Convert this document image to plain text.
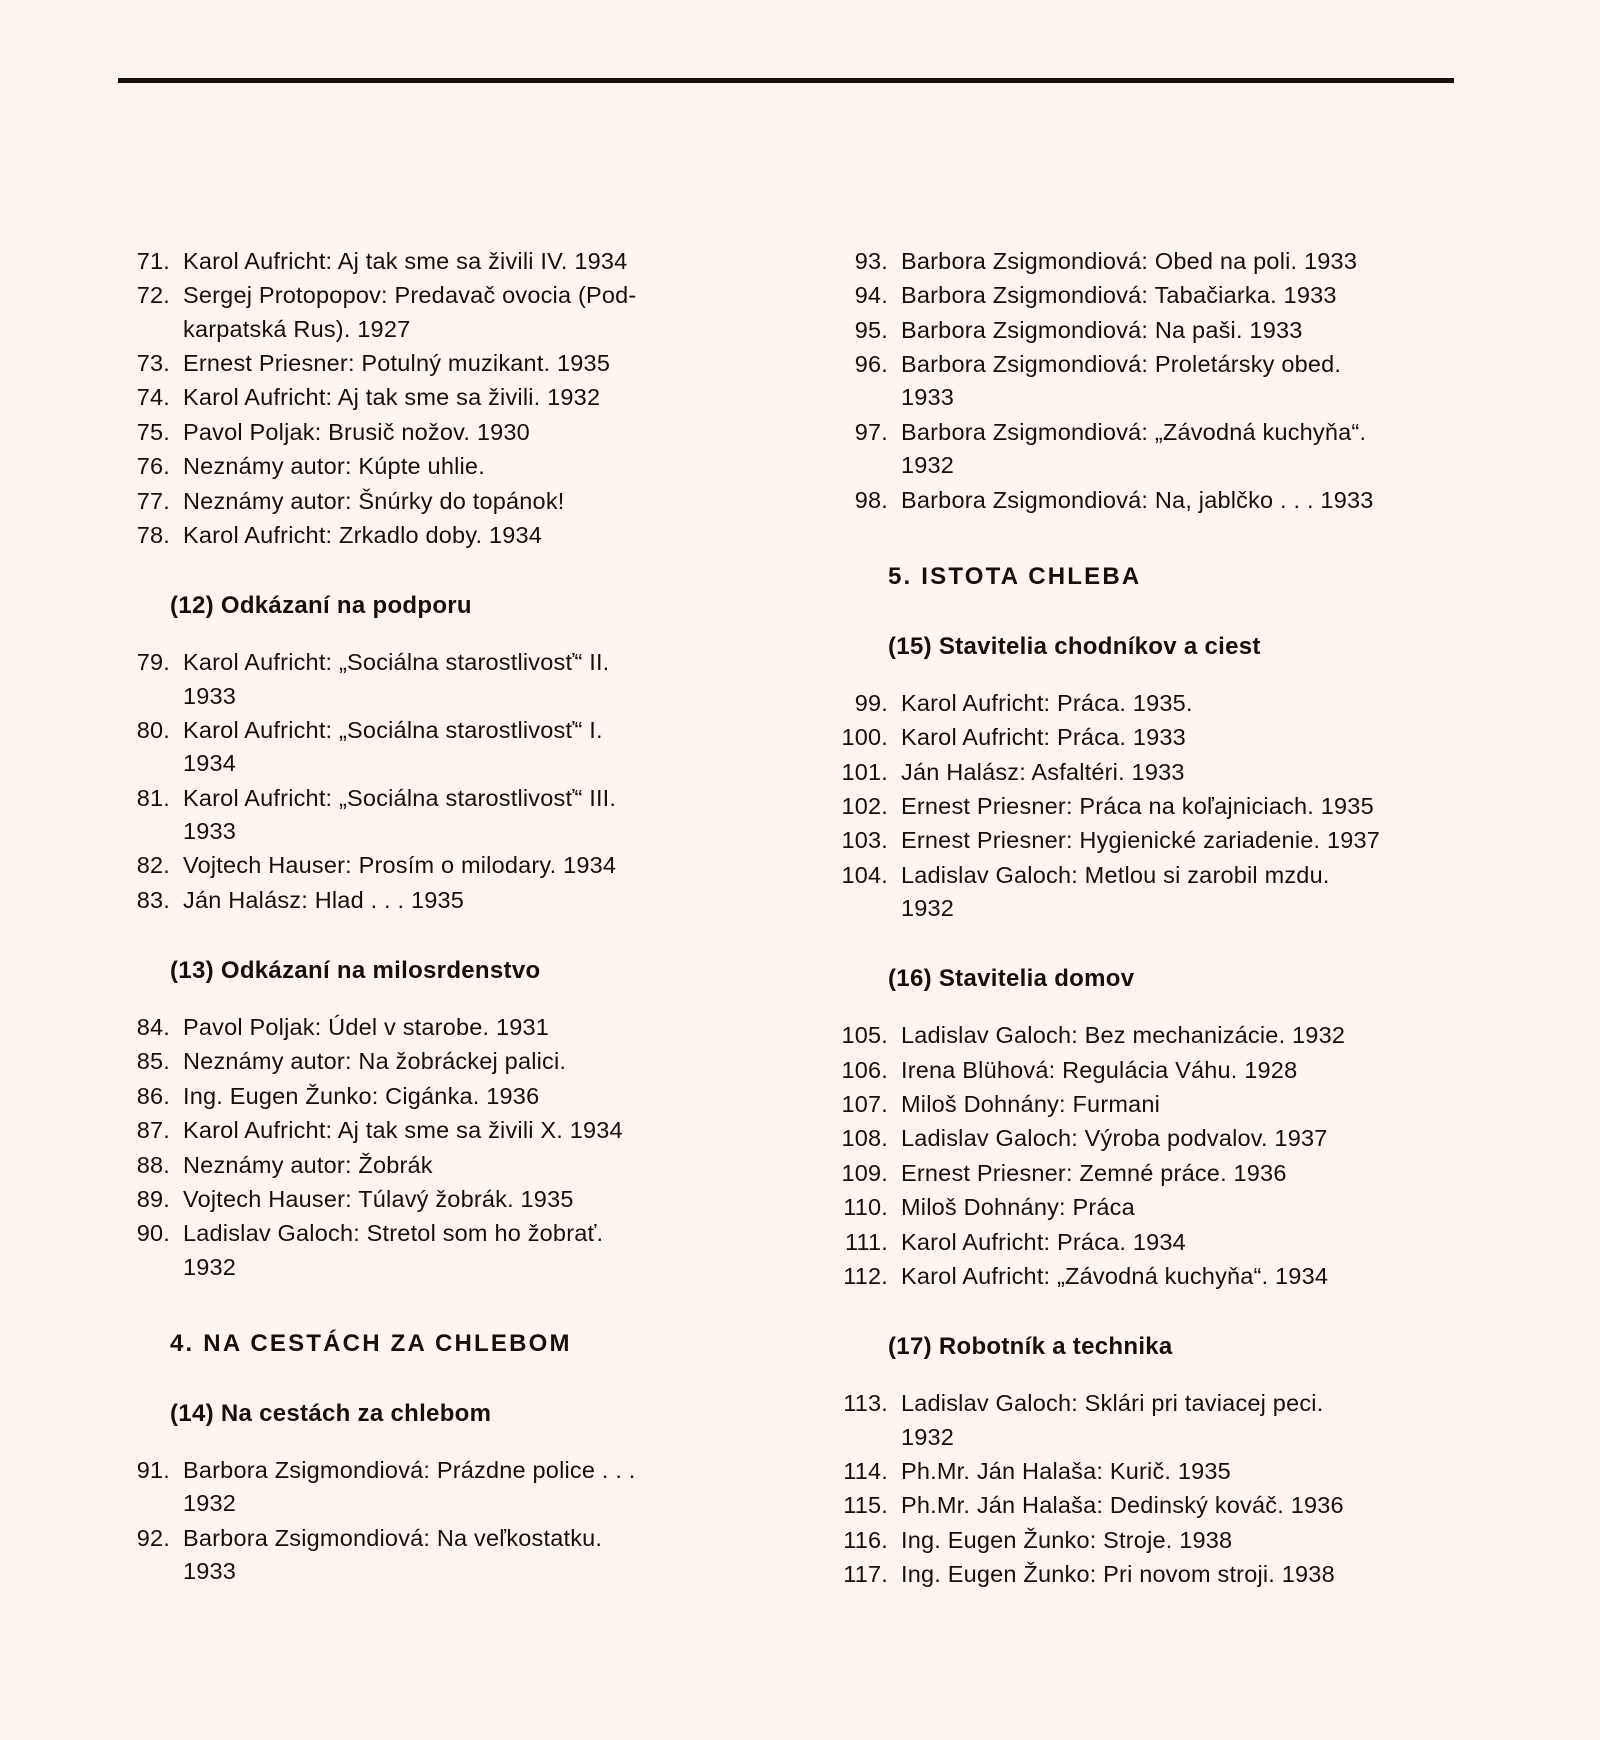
71. Karol Aufricht: Aj tak sme sa živili IV. 1934
72. Sergej Protopopov: Predavač ovocia (Pod-
karpatská Rus). 1927
73. Ernest Priesner: Potulný muzikant. 1935
74. Karol Aufricht: Aj tak sme sa živili. 1932
75. Pavol Poljak: Brusič nožov. 1930
76. Neznámy autor: Kúpte uhlie.
77. Neznámy autor: Šnúrky do topánok!
78. Karol Aufricht: Zrkadlo doby. 1934
(12) Odkázaní na podporu
79. Karol Aufricht: „Sociálna starostlivosť“ II.
1933
80. Karol Aufricht: „Sociálna starostlivosť“ I.
1934
81. Karol Aufricht: „Sociálna starostlivosť“ III.
1933
82. Vojtech Hauser: Prosím o milodary. 1934
83. Ján Halász: Hlad . . . 1935
(13) Odkázaní na milosrdenstvo
84. Pavol Poljak: Údel v starobe. 1931
85. Neznámy autor: Na žobráckej palici.
86. Ing. Eugen Žunko: Cigánka. 1936
87. Karol Aufricht: Aj tak sme sa živili X. 1934
88. Neznámy autor: Žobrák
89. Vojtech Hauser: Túlavý žobrák. 1935
90. Ladislav Galoch: Stretol som ho žobrať.
1932
4. NA CESTÁCH ZA CHLEBOM
(14) Na cestách za chlebom
91. Barbora Zsigmondiová: Prázdne police . . .
1932
92. Barbora Zsigmondiová: Na veľkostatku.
1933
93. Barbora Zsigmondiová: Obed na poli. 1933
94. Barbora Zsigmondiová: Tabačiarka. 1933
95. Barbora Zsigmondiová: Na paši. 1933
96. Barbora Zsigmondiová: Proletársky obed.
1933
97. Barbora Zsigmondiová: „Závodná kuchyňa“.
1932
98. Barbora Zsigmondiová: Na, jablčko . . . 1933
5. ISTOTA CHLEBA
(15) Stavitelia chodníkov a ciest
99. Karol Aufricht: Práca. 1935.
100. Karol Aufricht: Práca. 1933
101. Ján Halász: Asfaltéri. 1933
102. Ernest Priesner: Práca na koľajniciach. 1935
103. Ernest Priesner: Hygienické zariadenie. 1937
104. Ladislav Galoch: Metlou si zarobil mzdu.
1932
(16) Stavitelia domov
105. Ladislav Galoch: Bez mechanizácie. 1932
106. Irena Blühová: Regulácia Váhu. 1928
107. Miloš Dohnány: Furmani
108. Ladislav Galoch: Výroba podvalov. 1937
109. Ernest Priesner: Zemné práce. 1936
110. Miloš Dohnány: Práca
111. Karol Aufricht: Práca. 1934
112. Karol Aufricht: „Závodná kuchyňa“. 1934
(17) Robotník a technika
113. Ladislav Galoch: Sklári pri taviacej peci.
1932
114. Ph.Mr. Ján Halaša: Kurič. 1935
115. Ph.Mr. Ján Halaša: Dedinský kováč. 1936
116. Ing. Eugen Žunko: Stroje. 1938
117. Ing. Eugen Žunko: Pri novom stroji. 1938
